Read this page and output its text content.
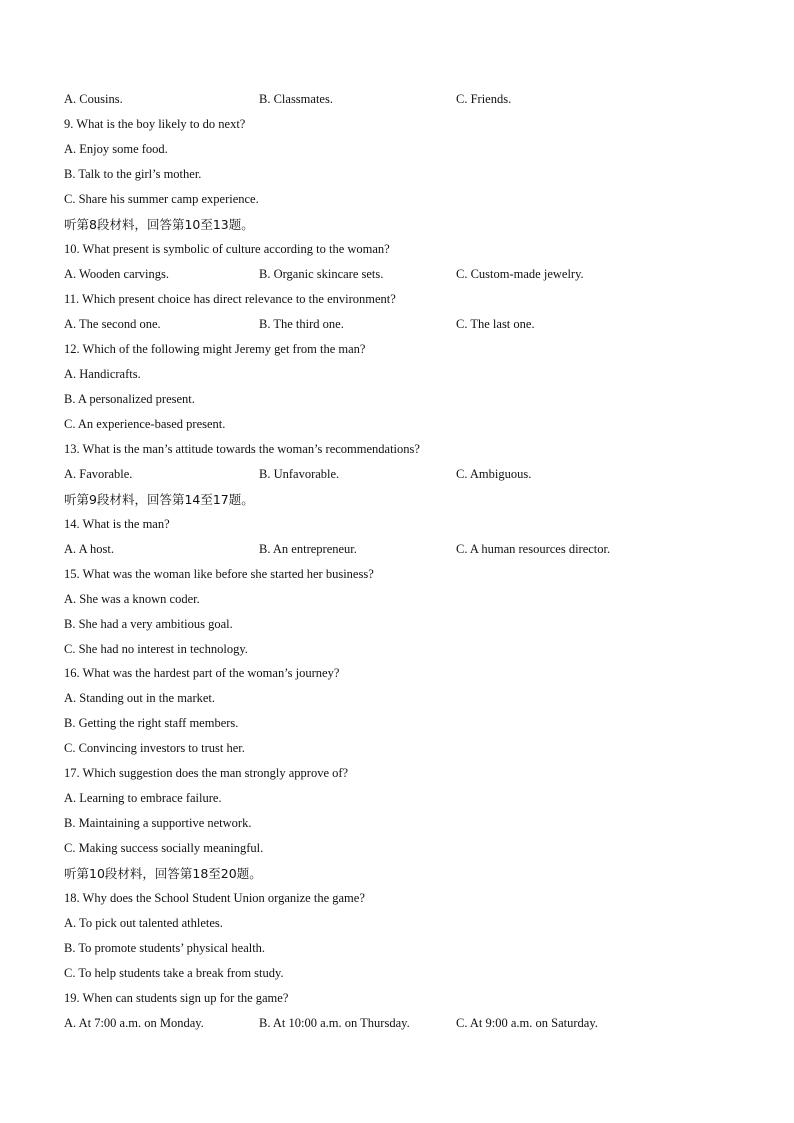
A. Cousins.	B. Classmates.	C. Friends.
9. What is the boy likely to do next?
A. Enjoy some food.
B. Talk to the girl’s mother.
C. Share his summer camp experience.
听第8段材料，回答第10至13题。
10. What present is symbolic of culture according to the woman?
A. Wooden carvings.	B. Organic skincare sets.	C. Custom-made jewelry.
11. Which present choice has direct relevance to the environment?
A. The second one.	B. The third one.	C. The last one.
12. Which of the following might Jeremy get from the man?
A. Handicrafts.
B. A personalized present.
C. An experience-based present.
13. What is the man’s attitude towards the woman’s recommendations?
A. Favorable.	B. Unfavorable.	C. Ambiguous.
听第9段材料，回答第14至17题。
14. What is the man?
A. A host.	B. An entrepreneur.	C. A human resources director.
15. What was the woman like before she started her business?
A. She was a known coder.
B. She had a very ambitious goal.
C. She had no interest in technology.
16. What was the hardest part of the woman’s journey?
A. Standing out in the market.
B. Getting the right staff members.
C. Convincing investors to trust her.
17. Which suggestion does the man strongly approve of?
A. Learning to embrace failure.
B. Maintaining a supportive network.
C. Making success socially meaningful.
听第10段材料，回答第18至20题。
18. Why does the School Student Union organize the game?
A. To pick out talented athletes.
B. To promote students’ physical health.
C. To help students take a break from study.
19. When can students sign up for the game?
A. At 7:00 a.m. on Monday.	B. At 10:00 a.m. on Thursday.	C. At 9:00 a.m. on Saturday.
